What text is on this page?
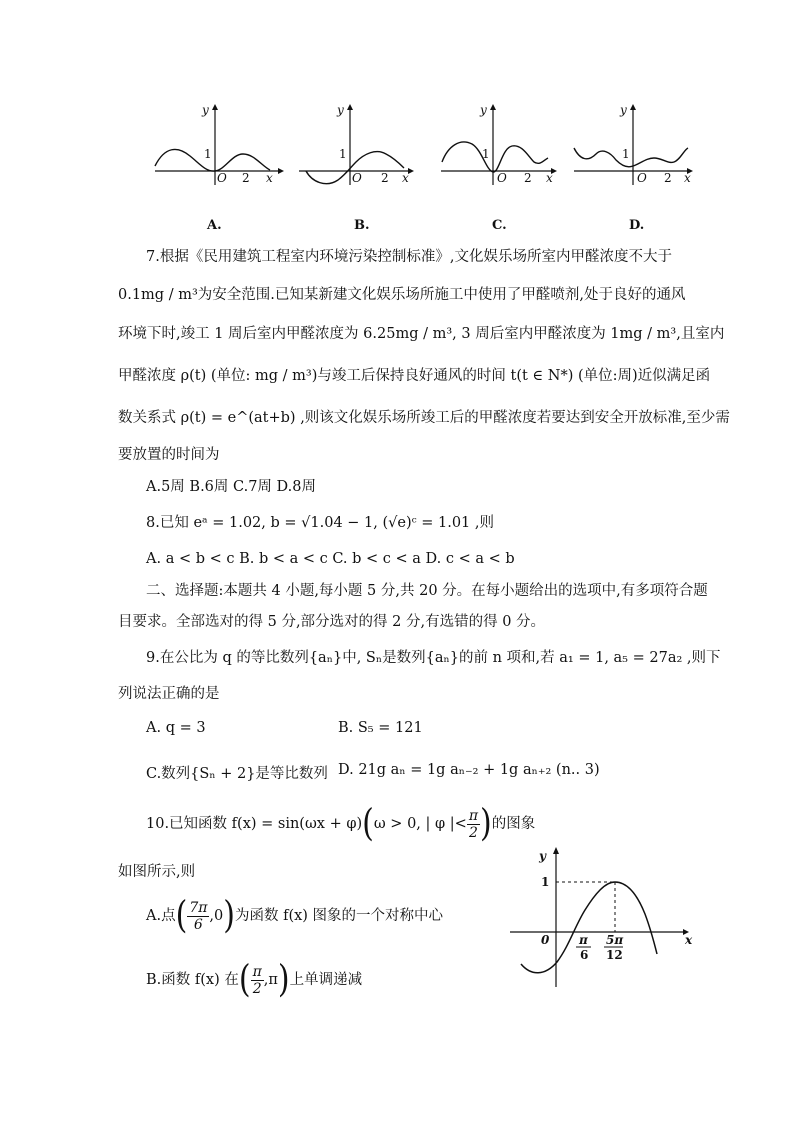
y
1
O 2 x
A.
y
1
O 2 x
B.
y
1
O 2 x
C.
y
1
O 2 x
D.
7.根据《民用建筑工程室内环境污染控制标准》,文化娱乐场所室内甲醛浓度不大于
0.1mg / m³为安全范围.已知某新建文化娱乐场所施工中使用了甲醛喷剂,处于良好的通风
环境下时,竣工 1 周后室内甲醛浓度为 6.25mg / m³, 3 周后室内甲醛浓度为 1mg / m³,且室内
甲醛浓度 ρ(t) (单位: mg / m³)与竣工后保持良好通风的时间 t(t ∈ N*) (单位:周)近似满足函
数关系式 ρ(t) = e^(at+b) ,则该文化娱乐场所竣工后的甲醛浓度若要达到安全开放标准,至少需
要放置的时间为
A.5周 B.6周 C.7周 D.8周
8.已知 eᵃ = 1.02, b = √1.04 − 1, (√e)ᶜ = 1.01 ,则
A. a < b < c B. b < a < c C. b < c < a D. c < a < b
二、选择题:本题共 4 小题,每小题 5 分,共 20 分。在每小题给出的选项中,有多项符合题
目要求。全部选对的得 5 分,部分选对的得 2 分,有选错的得 0 分。
9.在公比为 q 的等比数列{aₙ}中, Sₙ是数列{aₙ}的前 n 项和,若 a₁ = 1, a₅ = 27a₂ ,则下
列说法正确的是
A. q = 3	B. S₅ = 121
C.数列{Sₙ + 2}是等比数列 D. 21g aₙ = 1g aₙ₋₂ + 1g aₙ₊₂ (n.. 3)
10.已知函数 f(x) = sin(ωx + φ)(ω > 0, | φ |< $\frac{\pi}{2}$ )的图象
如图所示,则
A.点( $\frac{7\pi}{6} ,0$)为函数 f(x) 图象的一个对称中心
B.函数 f(x) 在( $\frac{\pi}{2} ,\pi$)上单调递减
y
1
0	x
π
6
5π
12
